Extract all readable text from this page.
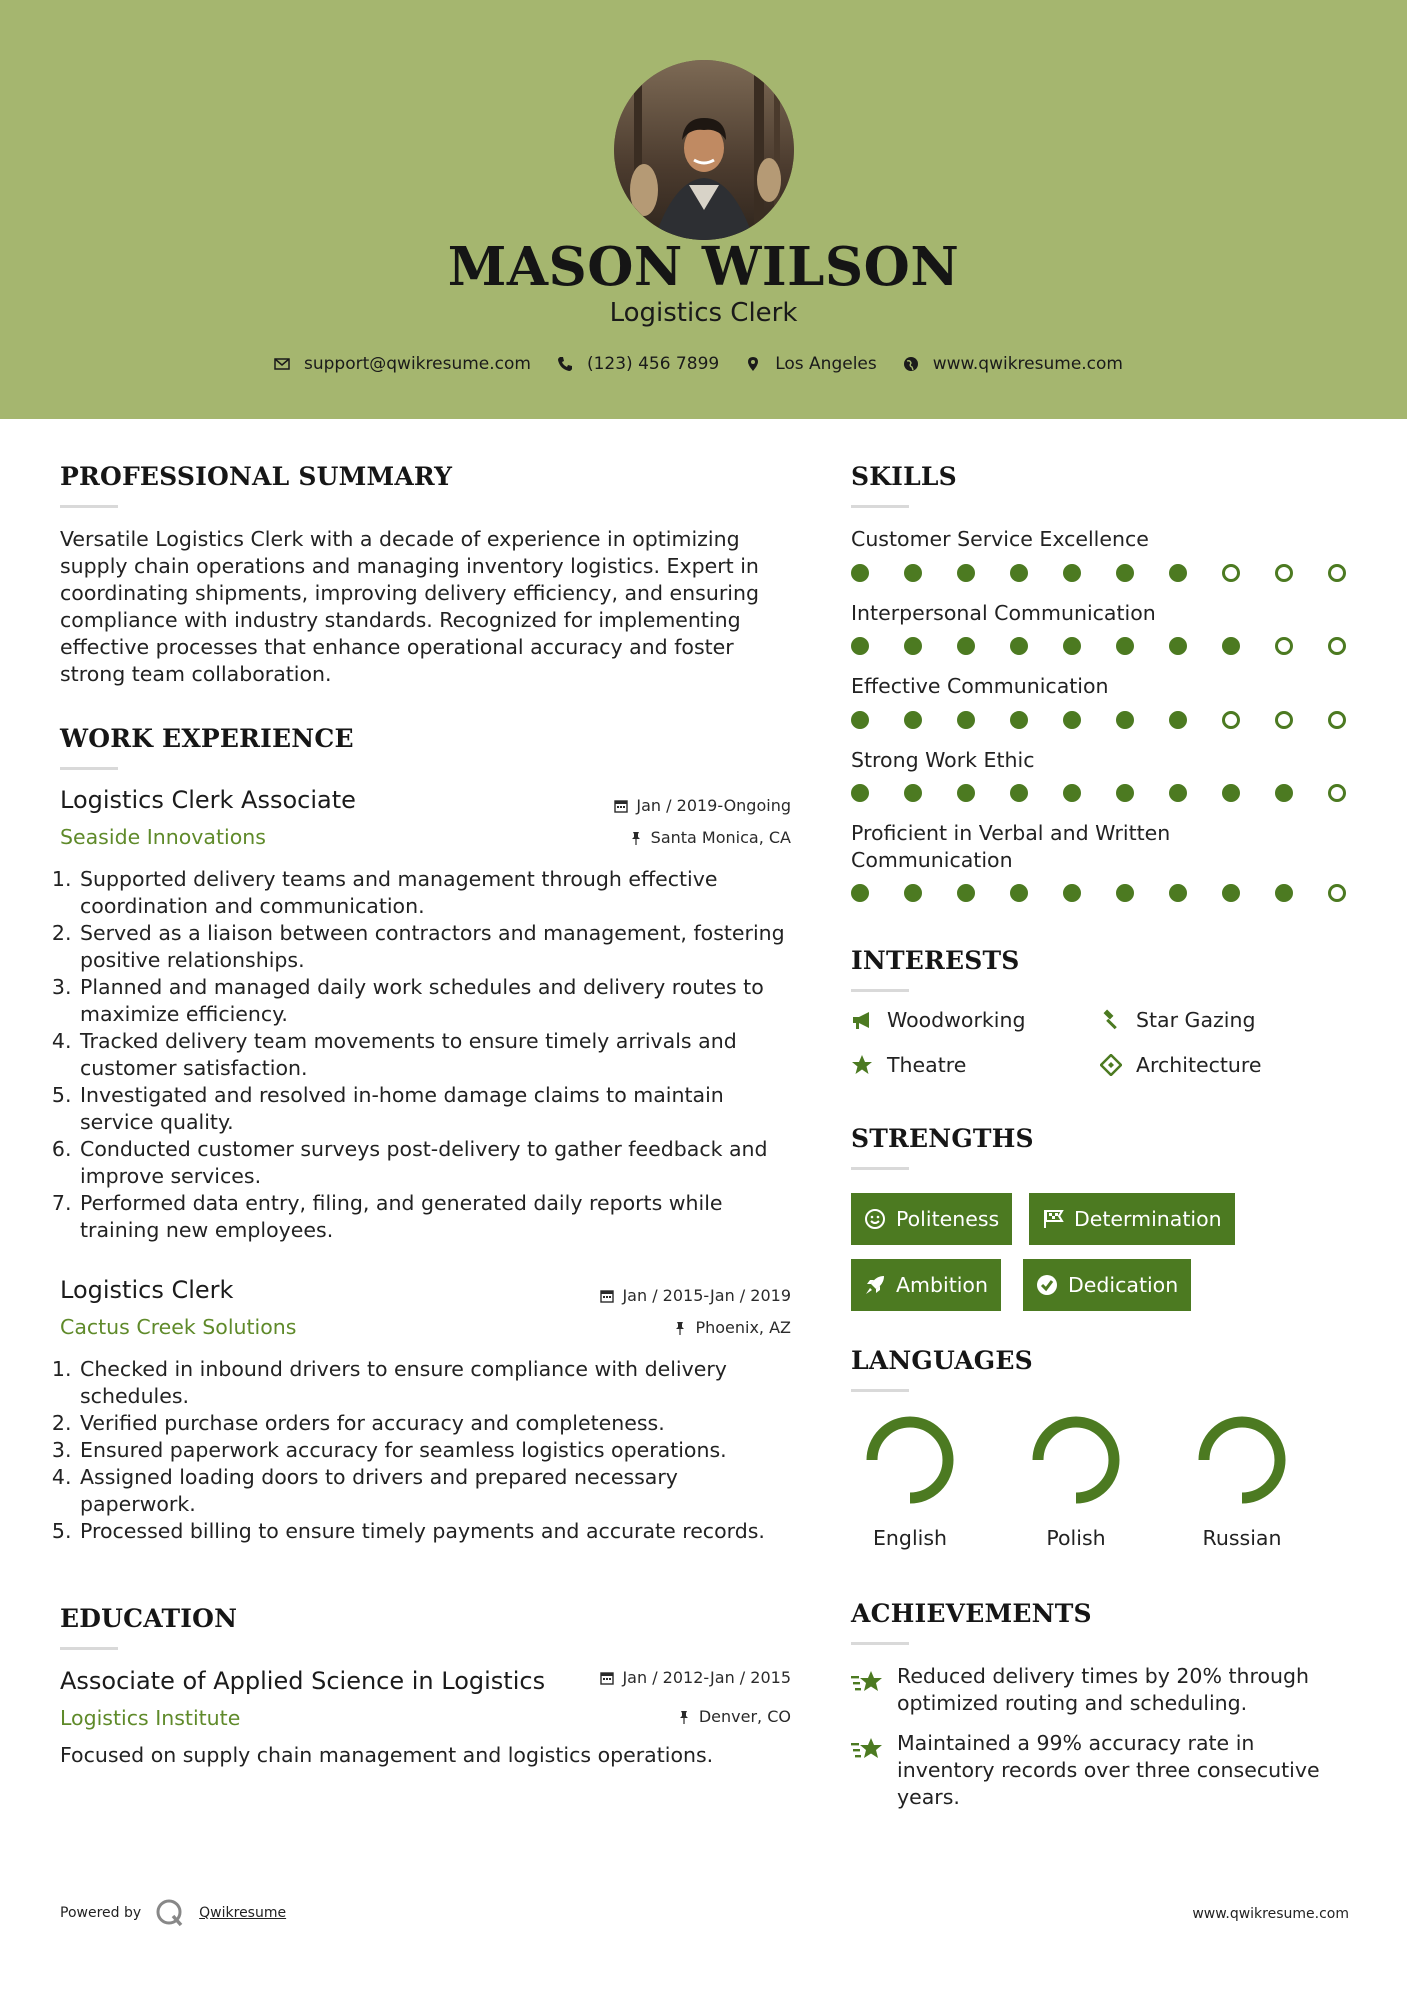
MASON WILSON
Logistics Clerk
support@qwikresume.com	(123) 456 7899	Los Angeles	www.qwikresume.com
PROFESSIONAL SUMMARY
Versatile Logistics Clerk with a decade of experience in optimizing supply chain operations and managing inventory logistics. Expert in coordinating shipments, improving delivery efficiency, and ensuring compliance with industry standards. Recognized for implementing effective processes that enhance operational accuracy and foster strong team collaboration.
WORK EXPERIENCE
Logistics Clerk Associate	Jan / 2019-Ongoing
Seaside Innovations	Santa Monica, CA
1. Supported delivery teams and management through effective coordination and communication.
2. Served as a liaison between contractors and management, fostering positive relationships.
3. Planned and managed daily work schedules and delivery routes to maximize efficiency.
4. Tracked delivery team movements to ensure timely arrivals and customer satisfaction.
5. Investigated and resolved in-home damage claims to maintain service quality.
6. Conducted customer surveys post-delivery to gather feedback and improve services.
7. Performed data entry, filing, and generated daily reports while training new employees.
Logistics Clerk	Jan / 2015-Jan / 2019
Cactus Creek Solutions	Phoenix, AZ
1. Checked in inbound drivers to ensure compliance with delivery schedules.
2. Verified purchase orders for accuracy and completeness.
3. Ensured paperwork accuracy for seamless logistics operations.
4. Assigned loading doors to drivers and prepared necessary paperwork.
5. Processed billing to ensure timely payments and accurate records.
EDUCATION
Associate of Applied Science in Logistics	Jan / 2012-Jan / 2015
Logistics Institute	Denver, CO
Focused on supply chain management and logistics operations.
SKILLS
Customer Service Excellence
Interpersonal Communication
Effective Communication
Strong Work Ethic
Proficient in Verbal and Written Communication
INTERESTS
Woodworking	Star Gazing
Theatre	Architecture
STRENGTHS
Politeness	Determination
Ambition	Dedication
LANGUAGES
English	Polish	Russian
ACHIEVEMENTS
Reduced delivery times by 20% through optimized routing and scheduling.
Maintained a 99% accuracy rate in inventory records over three consecutive years.
Powered by	Qwikresume	www.qwikresume.com
